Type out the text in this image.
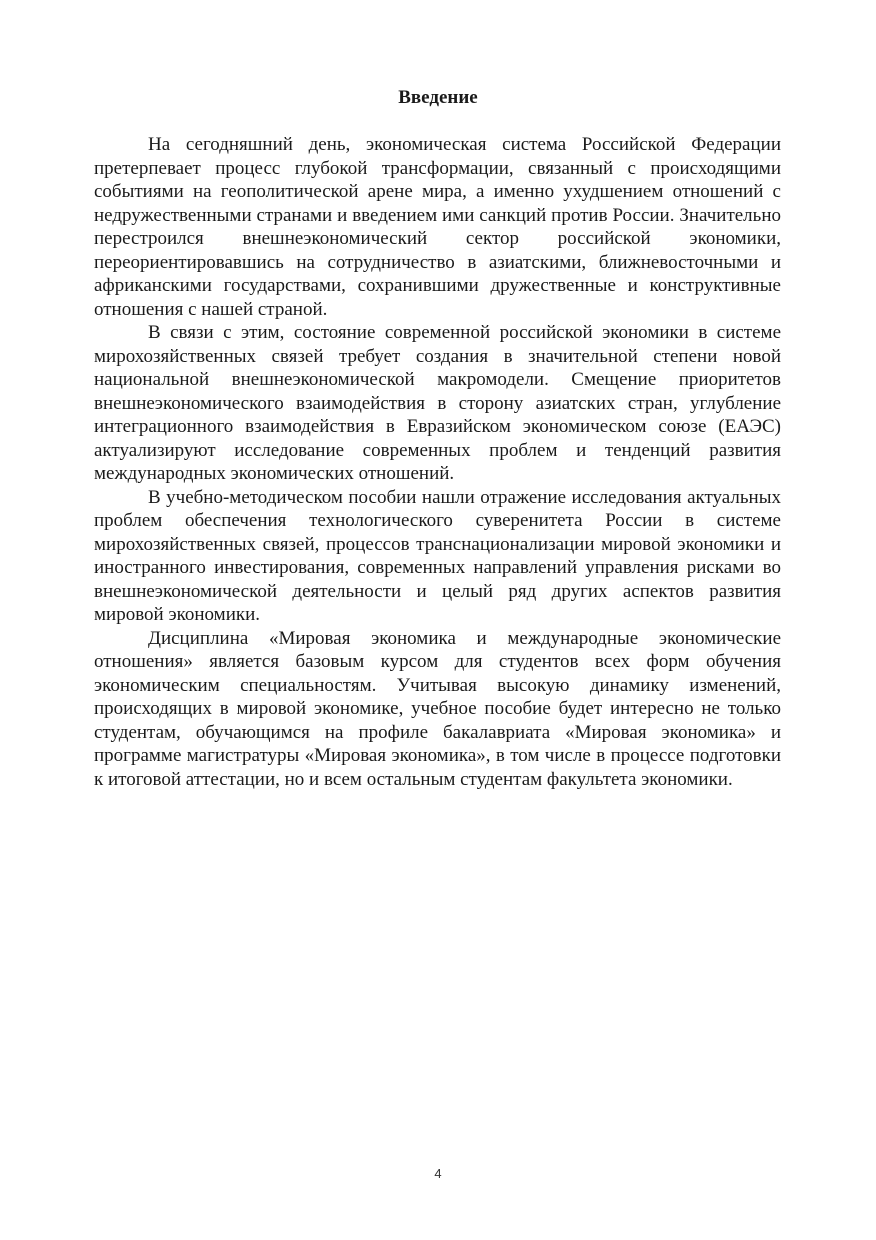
Введение

На сегодняшний день, экономическая система Российской Федерации претерпевает процесс глубокой трансформации, связанный с происходящими событиями на геополитической арене мира, а именно ухудшением отношений с недружественными странами и введением ими санкций против России. Значительно перестроился внешнеэкономический сектор российской экономики, переориентировавшись на сотрудничество в азиатскими, ближневосточными и африканскими государствами, сохранившими дружественные и конструктивные отношения с нашей страной.

В связи с этим, состояние современной российской экономики в системе мирохозяйственных связей требует создания в значительной степени новой национальной внешнеэкономической макромодели. Смещение приоритетов внешнеэкономического взаимодействия в сторону азиатских стран, углубление интеграционного взаимодействия в Евразийском экономическом союзе (ЕАЭС) актуализируют исследование современных проблем и тенденций развития международных экономических отношений.

В учебно-методическом пособии нашли отражение исследования актуальных проблем обеспечения технологического суверенитета России в системе мирохозяйственных связей, процессов транснационализации мировой экономики и иностранного инвестирования, современных направлений управления рисками во внешнеэкономической деятельности и целый ряд других аспектов развития мировой экономики.

Дисциплина «Мировая экономика и международные экономические отношения» является базовым курсом для студентов всех форм обучения экономическим специальностям. Учитывая высокую динамику изменений, происходящих в мировой экономике, учебное пособие будет интересно не только студентам, обучающимся на профиле бакалавриата «Мировая экономика» и программе магистратуры «Мировая экономика», в том числе в процессе подготовки к итоговой аттестации, но и всем остальным студентам факультета экономики.

4
